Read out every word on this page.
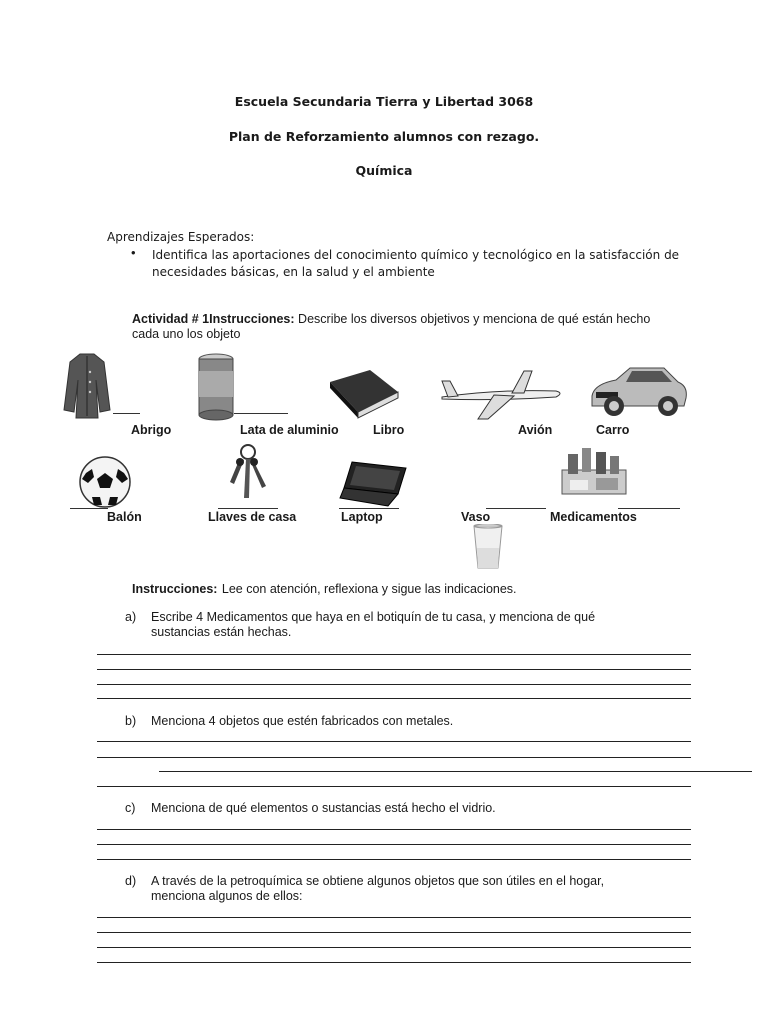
Escuela Secundaria Tierra y Libertad 3068
Plan de Reforzamiento alumnos con rezago.
Química
Aprendizajes Esperados:
• Identifica las aportaciones del conocimiento químico y tecnológico en la satisfacción de
necesidades básicas, en la salud y el ambiente
Actividad # 1Instrucciones: Describe los diversos objetivos y menciona de qué están hecho
cada uno los objeto
Abrigo	Lata de aluminio	Libro	Avión	Carro
Balón	Llaves de casa	Laptop	Vaso	Medicamentos
Instrucciones: Lee con atención, reflexiona y sigue las indicaciones.
a) Escribe 4 Medicamentos que haya en el botiquín de tu casa, y menciona de qué
sustancias están hechas.
b) Menciona 4 objetos que estén fabricados con metales.
c) Menciona de qué elementos o sustancias está hecho el vidrio.
d) A través de la petroquímica se obtiene algunos objetos que son útiles en el hogar,
menciona algunos de ellos:
